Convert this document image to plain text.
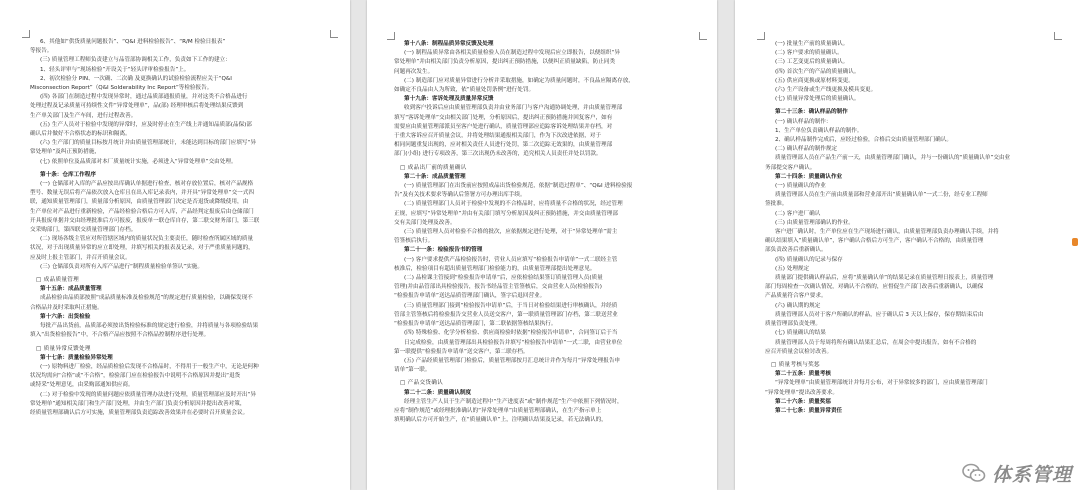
6、其他如“供货质量问题报告”、“Q&I 进料检验报告”、“R/M 检验日报表”
等报告。
(三) 质量管理工程师负责建立与品管部协调相关工作，负责如下工作的建立：
1、轻头评审与“现场检验”开设关于“轻头评审检验报告”上。
2、初次检验分 PIN、一次确、二次确 及更换确认的试验检验流程应关于“Q&I
Misconsection Report”（Q&I Solderability Inc Report”等检验报告。
(四) 各部门在制造过程中发现异常时，通过品质部通报质量，并对这类不合格品进行
处理过程及记录质量可持续性文件“异常处理单”，品(部) 经理审核后将处理结果反馈到
生产单关部门及生产车间，进行过程改善。
(五) 生产人员对于检验中发现的异常时，应及时停止在生产线上并通知品质部(品保)部
确认后并做好不合格状态的标识和隔离。
(六) 生产部门的质量目标按月统计并由质量管理部统计，未能达到目标的部门应填写“异
常处理单”及纠正预防措施，
(七) 依照单位及品质部对本厂质量统计实施，必须进入“异常处理单”交由处理。
第十条：仓库工作程序
(一) 仓储部对入库的产品应按出库确认单据进行检查，核对存放位置后，核对产品规格
型号、数量无误后将产品依次放入仓库且在出入库记录表内，并开具“异常处理单”交一式四
联，通知质量管理部门，质量部分析原因，由质量管理部门决定是否退货或降级使用，由
生产单位对产品进行重新检验，产品经检验合格后方可入库，产品经判定报废后由仓储部门
开具报废单据并交由经理批准后方可报废，报废单一联仓库自存，第二联交财务部门，第三联
交采购部门，第四联交质量管理部门存档。
(二) 现场各级主管应对所管辖区域内的质量状况负主要责任，随时检查所属区域的质量
状况，对于出现质量异常的应立即处理，并填写相关的报表及记录，对于严重质量问题的，
应及时上报主管部门，并召开质量会议。
(三) 仓储部负责对所有入库产品进行“制程质量检验单签认”实施。
□ 成品质量管理
第十五条：成品质量管理
成品检验由品质部按照“成品质量标准及检验规范”的规定进行质量检验，以确保发现不
合格品并及时采取纠正措施。
第十六条：出货检验
每批产品出货前，品质部必须按出货检验标准的规定进行检验，并将质量与各项检验结果
填入“出货检验报告”中，不合格产品应按照不合格品控制程序进行处理。
□ 质量异常反馈处理
第十七条：质量检验异常处理
(一) 原物料进厂检验，经品质检验后发现不合格品时，不得用于一般生产中，无论是何种
状况均需向“合格”或“不合格”，检验部门应在检验报告中说明不合格原因并提出“退货
或特采”处理意见，由采购部通知供应商。
(二) 对于检验中发现的质量问题应依质量管理办法进行处理，质量管理部应及时开出“异
常处理单”通知相关部门和生产部门处理，并由生产部门负责分析原因并提出改善对策，
经质量管理部确认后方可实施，质量管理部负责追踪改善效果并在必要时召开质量会议。
第十八条：制程品质异常反馈及处理
(一) 制程品质异常由各相关质量检验人员在制造过程中发现后应立即报告，以便组织“异
常处理单”并由相关部门负责分析原因，提出纠正预防措施，以便纠正质量缺陷，防止同类
问题再次发生。
(二) 制造部门应对质量异常进行分析并采取措施，如确定为质量问题时，不良品应隔离存放，
如确定不良品由人为所致，依“质量处罚条例”进行处罚。
第十九条：客诉处理及质量异常反馈
收到客户投诉后应由质量管理部负责并由业务部门与客户沟通协调处理，并由质量管理部
填写“客诉处理单”交由相关部门处理，分析原因后，提出纠正预防措施并回复客户，如有
需要应由质量管理部派员至客户处进行确认，质量管理部应追踪客诉处理结果并存档，对
于重大客诉应召开质量会议，并将处理结果通报相关部门，作为下次改进依据，对于
相同问题重复出现的，应对相关责任人员进行处罚，第二次追踪无效果的，由质量管理部
部门(小组) 进行专项改善，第三次出现仍未改善的，追究相关人员责任并处以罚款。
□ 成品出厂前的质量确认
第二十条：成品质量管理
(一) 质量管理部门在出货前应按照成品出货检验规范，依据“制造过程单”、“Q&I 进料检验报
告”及有关技术要求等确认后签署方可办理出库手续。
(二) 质量管理部门人员对于检验中发现的不合格品时，应将质量不合格的状况，经过管理
正规，应填写“异常处理单”并由有关部门填写分析原因及纠正预防措施，并交由质量管理部
交有关部门处理及改善。
(三) 质量管理人员对检验不合格的批次，应依据规定进行处理，对于“异常处理单”需主
管签核后执行。
第二十一条：检验报告书的管理
(一) 客户要求提供产品检验报告时，营业人员应填写“检验报告申请单”一式二联经主管
核准后，检验项目有超出质量管理部门检验能力的，由质量管理部提出处理意见。
(二) 品检课主管接到“检验报告申请单”后，应依检验结果签订质量管理人员(质量
管理)并由品管部出具检验报告，报告书经品管主管签核后，交由营业人员(检验报告)
“检验报告申请单”送达品质管理部门确认，签字后退回营业。
(三) 质量管理部门接到“检验报告申请单”后，于当日对检验结果进行审核确认，并经质
管部主管签核后将检验报告交营业人员送交客户，第一联质量管理部门存档，第二联送营业
“检验报告申请单”送达品质管理部门，第二联依据签核结果执行。
(四) 特殊检验、化学分析检验、供应商检验时依据“检验报告申请单”，合同签订后于当
日完成检验，由质量管理部出具检验报告并填写“检验报告申请单”一式二联，由营业单位
第一联提供“检验报告申请单”送交客户，第二联存档。
(五) 产品经质量管理部门检验后，质量管理部按月汇总统计并作为每月“异常处理报告申
请单”第一联。
□ 产品交货确认
第二十二条：质量确认制度
经理主管生产人员于生产制造过程中“生产进度表”或“制作规范”生产中依照下列情况时，
应将“制作规范”或经理批准确认的“异常处理单”由质量管理部确认，在生产指示单上
填明确认后方可开始生产，在“质量确认单”上，注明确认结果及记录，若无法确认的，
(一) 批量生产前的质量确认。
(二) 客户要求的质量确认。
(三) 工艺变更后的质量确认。
(四) 首次生产的产品的质量确认。
(五) 供应商更换或原材料变更。
(六) 生产设备或生产线更换及模具变更。
(七) 质量异常处理后的质量确认。
第二十三条：确认样品的制作
(一) 确认样品的制作：
1、生产单位负责确认样品的制作。
2、确认样品制作完成后，应经过检验，合格后交由质量管理部门确认。
(二) 确认样品的制作规定
质量管理部人员在产品生产前一天，由质量管理部门确认，并与一份确认的“质量确认单”交由业
务部提交客户确认。
第二十四条：质量确认作业
(一) 质量确认的作业
质量管理部人员在生产前由质量部和营业部开出“质量确认单”一式二份，经专业工程师
签批准。
(二) 客户进厂确认
(三) 由质量管理部确认的作业。
客户进厂确认时，生产单位应在生产现场进行确认，由质量管理部负责办理确认手续，并将
确认结果填入“质量确认单”，客户确认合格后方可生产，客户确认不合格的，由质量管理
部负责改善后重新确认。
(四) 质量确认的记录与保存
(五) 处理规定
质量部门提供确认样品后，应将“质量确认单”的结果记录在质量管理日报表上，质量管理
部门每周检查一次确认情况，对确认不合格的，应督促生产部门改善后重新确认，以确保
产品质量符合客户要求。
(六) 确认期的规定
质量管理部人员对于客户所确认的样品，应于确认后 3 天以上保存，保存期结束后由
质量管理部负责处理。
(七) 质量确认的结果
质量管理部人员于每周将所有确认结果汇总后，在周会中提出报告，如有不合格的
应召开质量会议检讨改善。
□ 质量考核与奖惩
第二十五条：质量考核
“异常处理单”由质量管理部统计并每月公布，对于异常较多的部门，应由质量管理部门
“异常处理单”提出改善要求。
第二十六条：质量奖惩
第二十七条：质量异常责任
体系管理
